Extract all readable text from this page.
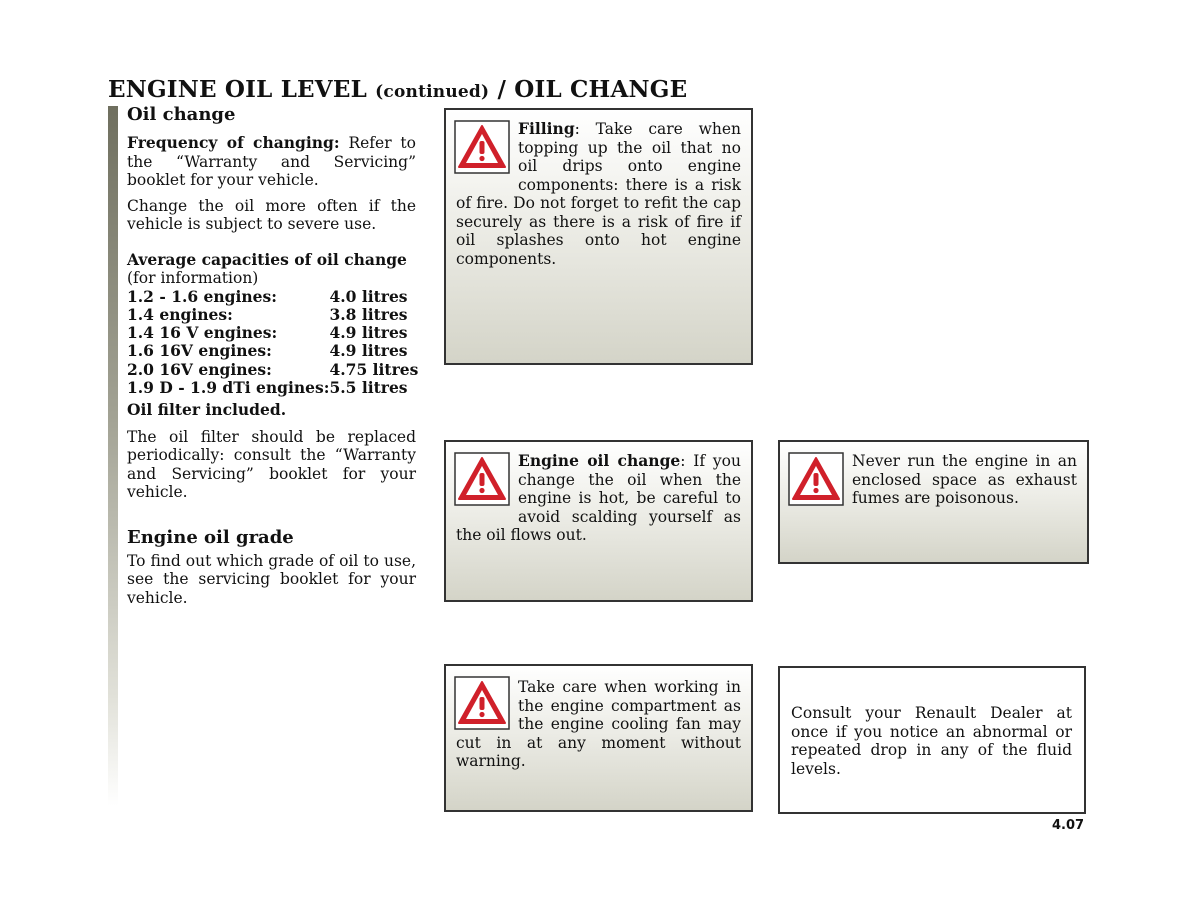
ENGINE OIL LEVEL (continued) / OIL CHANGE
Oil change

Frequency of changing: Refer to the “Warranty and Servicing” booklet for your vehicle.

Change the oil more often if the vehicle is subject to severe use.

Average capacities of oil change
(for information)

1.2 - 1.6 engines:	4.0 litres
1.4 engines:	3.8 litres
1.4 16 V engines:	4.9 litres
1.6 16V engines:	4.9 litres
2.0 16V engines:	4.75 litres
1.9 D - 1.9 dTi engines:	5.5 litres

Oil filter included.

The oil filter should be replaced periodically: consult the “Warranty and Servicing” booklet for your vehicle.

Engine oil grade

To find out which grade of oil to use, see the servicing booklet for your vehicle.

Filling: Take care when topping up the oil that no oil drips onto engine components: there is a risk of fire. Do not forget to refit the cap securely as there is a risk of fire if oil splashes onto hot engine components.

Engine oil change: If you change the oil when the engine is hot, be careful to avoid scalding yourself as the oil flows out.

Never run the engine in an enclosed space as exhaust fumes are poisonous.

Take care when working in the engine compartment as the engine cooling fan may cut in at any moment without warning.

Consult your Renault Dealer at once if you notice an abnormal or repeated drop in any of the fluid levels.

4.07
